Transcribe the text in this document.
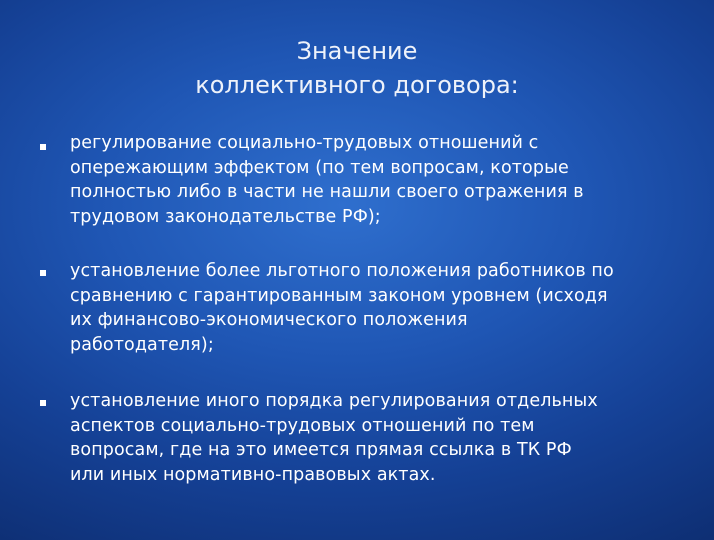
Значение
коллективного договора:
регулирование социально-трудовых отношений с
опережающим эффектом (по тем вопросам, которые
полностью либо в части не нашли своего отражения в
трудовом законодательстве РФ);
установление более льготного положения работников по
сравнению с гарантированным законом уровнем (исходя
их финансово-экономического положения
работодателя);
установление иного порядка регулирования отдельных
аспектов социально-трудовых отношений по тем
вопросам, где на это имеется прямая ссылка в ТК РФ
или иных нормативно-правовых актах.
